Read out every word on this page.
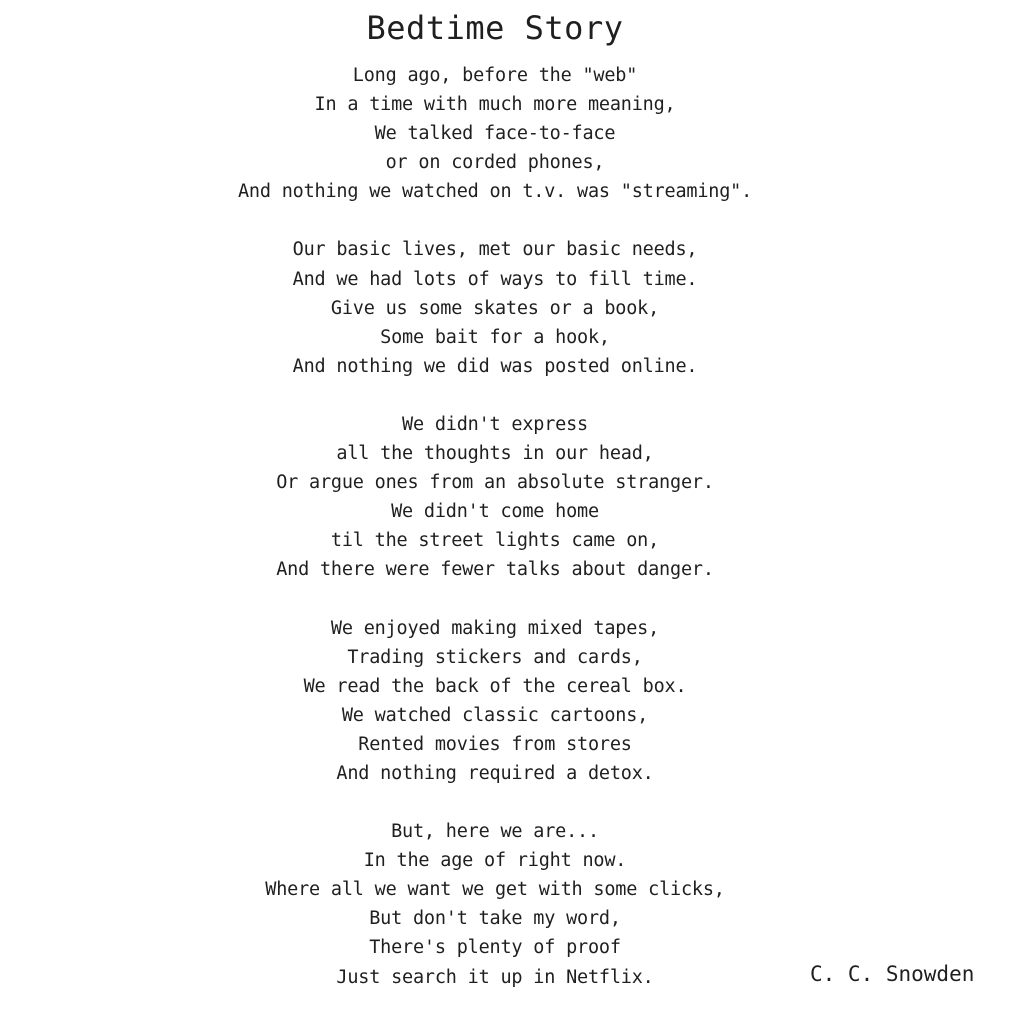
Bedtime Story
Long ago, before the "web"
In a time with much more meaning,
We talked face-to-face
or on corded phones,
And nothing we watched on t.v. was "streaming".
Our basic lives, met our basic needs,
And we had lots of ways to fill time.
Give us some skates or a book,
Some bait for a hook,
And nothing we did was posted online.
We didn't express
all the thoughts in our head,
Or argue ones from an absolute stranger.
We didn't come home
til the street lights came on,
And there were fewer talks about danger.
We enjoyed making mixed tapes,
Trading stickers and cards,
We read the back of the cereal box.
We watched classic cartoons,
Rented movies from stores
And nothing required a detox.
But, here we are...
In the age of right now.
Where all we want we get with some clicks,
But don't take my word,
There's plenty of proof
Just search it up in Netflix.	C. C. Snowden
